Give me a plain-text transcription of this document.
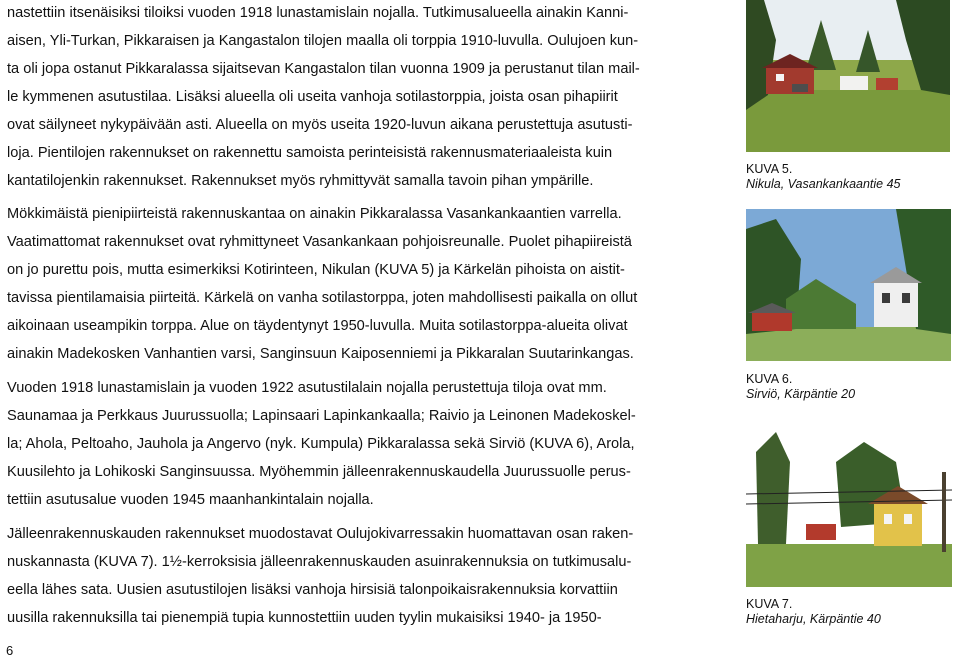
nastettiin itsenäisiksi tiloiksi vuoden 1918 lunastamislain nojalla. Tutkimusalueella ainakin Kanni-
aisen, Yli-Turkan, Pikkaraisen ja Kangastalon tilojen maalla oli torppia 1910-luvulla. Oulujoen kun-
ta oli jopa ostanut Pikkaralassa sijaitsevan Kangastalon tilan vuonna 1909 ja perustanut tilan mail-
le kymmenen asutustilaa. Lisäksi alueella oli useita vanhoja sotilastorppia, joista osan pihapiirit
ovat säilyneet nykypäivään asti. Alueella on myös useita 1920-luvun aikana perustettuja asutusti-
loja. Pientilojen rakennukset on rakennettu samoista perinteisistä rakennusmateriaaleista kuin
kantatilojenkin rakennukset. Rakennukset myös ryhmittyvät samalla tavoin pihan ympärille.
Mökkimäistä pienipiirteistä rakennuskantaa on ainakin Pikkaralassa Vasankankaantien varrella.
Vaatimattomat rakennukset ovat ryhmittyneet Vasankankaan pohjoisreunalle. Puolet pihapiireistä
on jo purettu pois, mutta esimerkiksi Kotirinteen, Nikulan (KUVA 5) ja Kärkelän pihoista on aistit-
tavissa pientilamaisia piirteitä. Kärkelä on vanha sotilastorppa, joten mahdollisesti paikalla on ollut
aikoinaan useampikin torppa. Alue on täydentynyt 1950-luvulla. Muita sotilastorppa-alueita olivat
ainakin Madekosken Vanhantien varsi, Sanginsuun Kaiposenniemi ja Pikkaralan Suutarinkangas.
Vuoden 1918 lunastamislain ja vuoden 1922 asutustilalain nojalla perustettuja tiloja ovat mm.
Saunamaa ja Perkkaus Juurussuolla; Lapinsaari Lapinkankaalla; Raivio ja Leinonen Madekoskel-
la; Ahola, Peltoaho, Jauhola ja Angervo (nyk. Kumpula) Pikkaralassa sekä Sirviö (KUVA 6), Arola,
Kuusilehto ja Lohikoski Sanginsuussa. Myöhemmin jälleenrakennuskaudella Juurussuolle perus-
tettiin asutusalue vuoden 1945 maanhankintalain nojalla.
Jälleenrakennuskauden rakennukset muodostavat Oulujokivarressakin huomattavan osan raken-
nuskannasta (KUVA 7). 1½-kerroksisia jälleenrakennuskauden asuinrakennuksia on tutkimusalu-
eella lähes sata. Uusien asutustilojen lisäksi vanhoja hirsisiä talonpoikaisrakennuksia korvattiin
uusilla rakennuksilla tai pienempiä tupia kunnostettiin uuden tyylin mukaisiksi 1940- ja 1950-
6
KUVA 5.
Nikula, Vasankankaantie 45
KUVA 6.
Sirviö, Kärpäntie 20
KUVA 7.
Hietaharju, Kärpäntie 40
